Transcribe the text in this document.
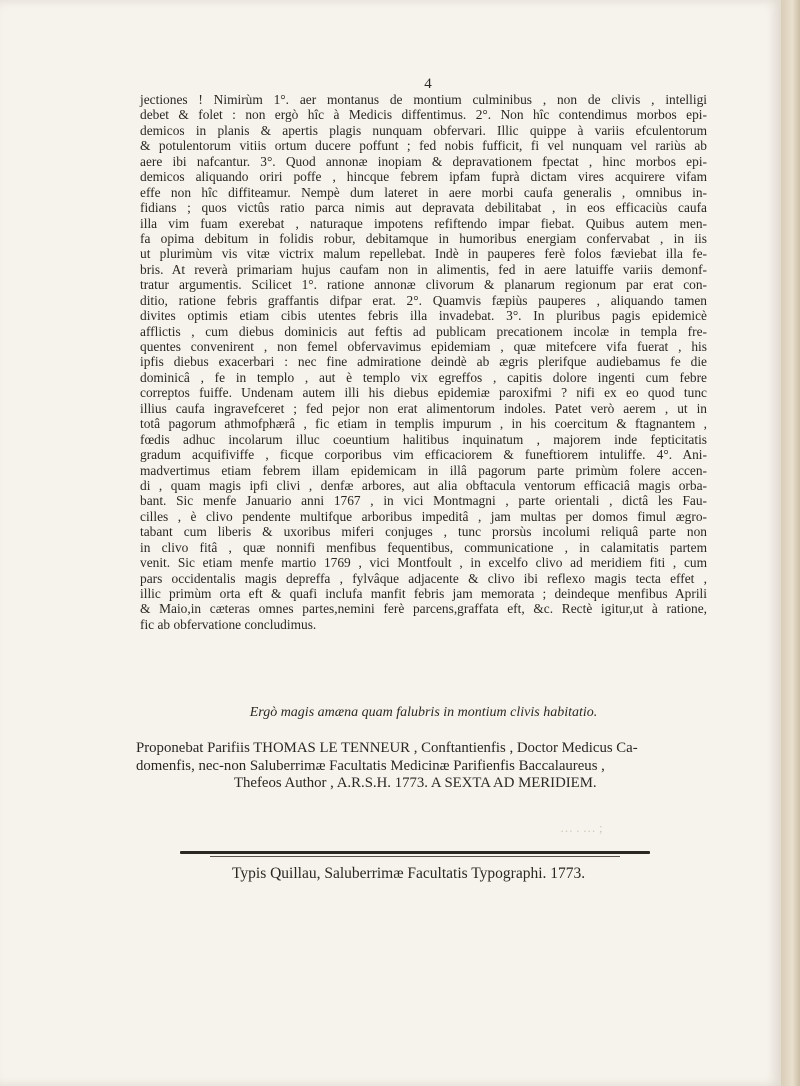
… . … ;
4
jectiones ! Nimirùm 1°. aer montanus de montium culminibus , non de clivis , intelligi
debet & folet : non ergò hîc à Medicis diffentimus. 2°. Non hîc contendimus morbos epi-
demicos in planis & apertis plagis nunquam obfervari. Illic quippe à variis efculentorum
& potulentorum vitiis ortum ducere poffunt ; fed nobis fufficit, fi vel nunquam vel rariùs ab
aere ibi nafcantur. 3°. Quod annonæ inopiam & depravationem fpectat , hinc morbos epi-
demicos aliquando oriri poffe , hincque febrem ipfam fuprà dictam vires acquirere vifam
effe non hîc diffiteamur. Nempè dum lateret in aere morbi caufa generalis , omnibus in-
fidians ; quos victûs ratio parca nimis aut depravata debilitabat , in eos efficaciùs caufa
illa vim fuam exerebat , naturaque impotens refiftendo impar fiebat. Quibus autem men-
fa opima debitum in folidis robur, debitamque in humoribus energiam confervabat , in iis
ut plurimùm vis vitæ victrix malum repellebat. Indè in pauperes ferè folos fæviebat illa fe-
bris. At reverà primariam hujus caufam non in alimentis, fed in aere latuiffe variis demonf-
tratur argumentis. Scilicet 1°. ratione annonæ clivorum & planarum regionum par erat con-
ditio, ratione febris graffantis difpar erat. 2°. Quamvis fæpiùs pauperes , aliquando tamen
divites optimis etiam cibis utentes febris illa invadebat. 3°. In pluribus pagis epidemicè
afflictis , cum diebus dominicis aut feftis ad publicam precationem incolæ in templa fre-
quentes convenirent , non femel obfervavimus epidemiam , quæ mitefcere vifa fuerat , his
ipfis diebus exacerbari : nec fine admiratione deindè ab ægris plerifque audiebamus fe die
dominicâ , fe in templo , aut è templo vix egreffos , capitis dolore ingenti cum febre
correptos fuiffe. Undenam autem illi his diebus epidemiæ paroxifmi ? nifi ex eo quod tunc
illius caufa ingravefceret ; fed pejor non erat alimentorum indoles. Patet verò aerem , ut in
totâ pagorum athmofphærâ , fic etiam in templis impurum , in his coercitum & ftagnantem ,
fœdis adhuc incolarum illuc coeuntium halitibus inquinatum , majorem inde fepticitatis
gradum acquifiviffe , ficque corporibus vim efficaciorem & funeftiorem intuliffe. 4°. Ani-
madvertimus etiam febrem illam epidemicam in illâ pagorum parte primùm folere accen-
di , quam magis ipfi clivi , denfæ arbores, aut alia obftacula ventorum efficaciâ magis orba-
bant. Sic menfe Januario anni 1767 , in vici Montmagni , parte orientali , dictâ les Fau-
cilles , è clivo pendente multifque arboribus impeditâ , jam multas per domos fimul ægro-
tabant cum liberis & uxoribus miferi conjuges , tunc prorsùs incolumi reliquâ parte non
in clivo fitâ , quæ nonnifi menfibus fequentibus, communicatione , in calamitatis partem
venit. Sic etiam menfe martio 1769 , vici Montfoult , in excelfo clivo ad meridiem fiti , cum
pars occidentalis magis depreffa , fylvâque adjacente & clivo ibi reflexo magis tecta effet ,
illic primùm orta eft & quafi inclufa manfit febris jam memorata ; deindeque menfibus Aprili
& Maio,in cæteras omnes partes,nemini ferè parcens,graffata eft, &c. Rectè igitur,ut à ratione,
fic ab obfervatione concludimus.
Ergò magis amæna quam falubris in montium clivis habitatio.
Proponebat Parifiis THOMAS LE TENNEUR , Conftantienfis , Doctor Medicus Ca-
domenfis, nec-non Saluberrimæ Facultatis Medicinæ Parifienfis Baccalaureus ,
Thefeos Author , A.R.S.H. 1773. A SEXTA AD MERIDIEM.
Typis Quillau, Saluberrimæ Facultatis Typographi. 1773.
